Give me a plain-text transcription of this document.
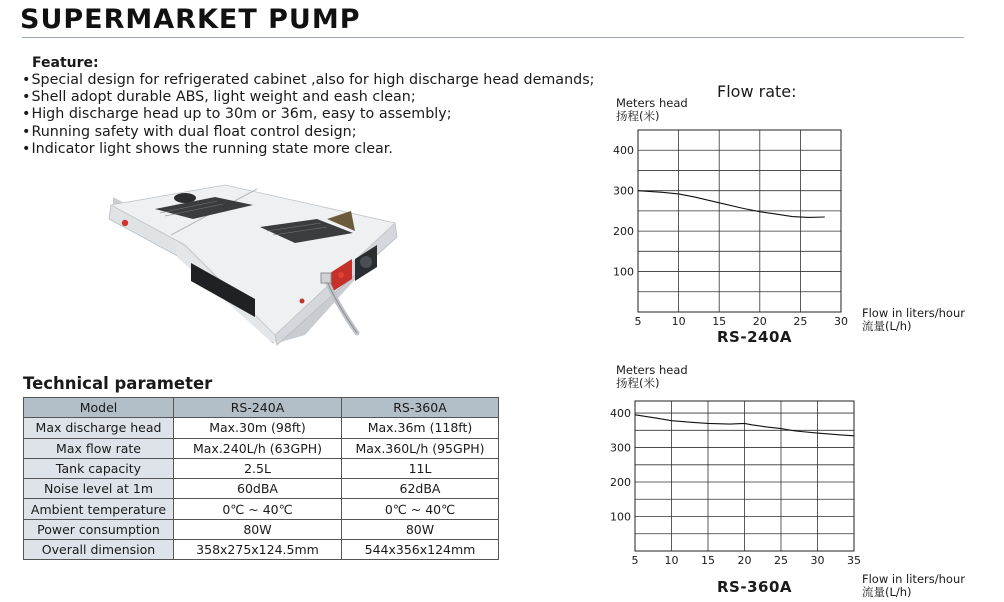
SUPERMARKET PUMP
Feature:
• Special design for refrigerated cabinet ,also for high discharge head demands;
• Shell adopt durable ABS, light weight and eash clean;
• High discharge head up to 30m or 36m, easy to assembly;
• Running safety with dual float control design;
• Indicator light shows the running state more clear.
Technical parameter
Model	RS-240A	RS-360A
Max discharge head	Max.30m (98ft)	Max.36m (118ft)
Max flow rate	Max.240L/h (63GPH)	Max.360L/h (95GPH)
Tank capacity	2.5L	11L
Noise level at 1m	60dBA	62dBA
Ambient temperature	0℃ ~ 40℃	0℃ ~ 40℃
Power consumption	80W	80W
Overall dimension	358x275x124.5mm	544x356x124mm
Flow rate:
Meters head
扬程(米)
100
200
300
400
5	10 15 20 25 30
Flow in liters/hour
流量(L/h)
RS-240A
Meters head
扬程(米)
100
200
300
400
5 10 15 20 25 30 35
Flow in liters/hour
流量(L/h)
RS-360A
